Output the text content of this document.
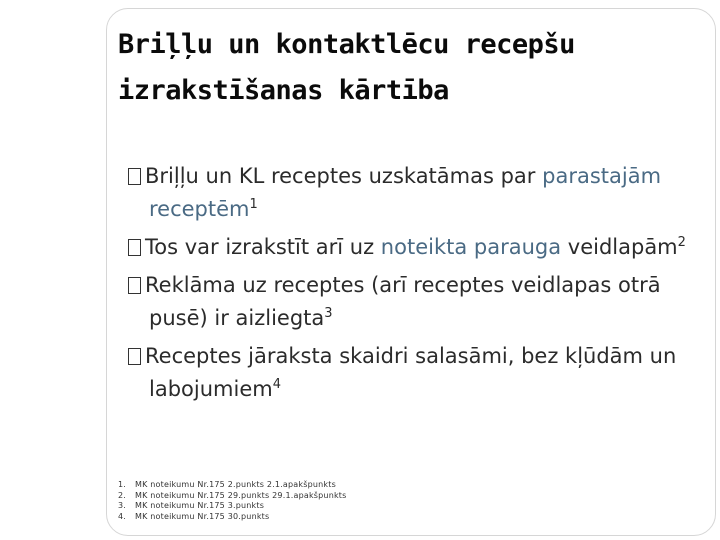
Briļļu un kontaktlēcu recepšu
izrakstīšanas kārtība
Briļļu un KL receptes uzskatāmas par parastajām receptēm$^1$
Tos var izrakstīt arī uz noteikta parauga veidlapām$^2$
Reklāma uz receptes (arī receptes veidlapas otrā pusē) ir aizliegta$^3$
Receptes jāraksta skaidri salasāmi, bez kļūdām un labojumiem$^4$
1.	MK noteikumu Nr.175 2.punkts 2.1.apakšpunkts
2.	MK noteikumu Nr.175 29.punkts 29.1.apakšpunkts
3.	MK noteikumu Nr.175 3.punkts
4.	MK noteikumu Nr.175 30.punkts
